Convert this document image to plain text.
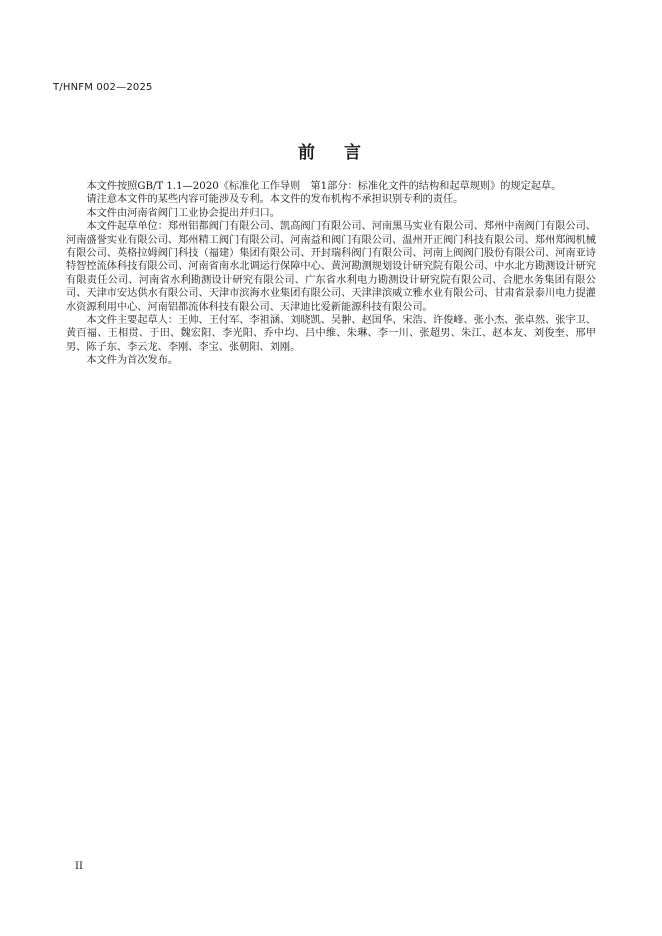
T/HNFM 002—2025
前 言

本文件按照GB/T 1.1—2020《标准化工作导则　第1部分：标准化文件的结构和起草规则》的规定起草。

请注意本文件的某些内容可能涉及专利。本文件的发布机构不承担识别专利的责任。

本文件由河南省阀门工业协会提出并归口。

本文件起草单位：郑州铝都阀门有限公司、凯高阀门有限公司、河南黑马实业有限公司、郑州中南阀门有限公司、河南盛誉实业有限公司、郑州精工阀门有限公司、河南益和阀门有限公司、温州开正阀门科技有限公司、郑州郑阀机械有限公司、英格拉姆阀门科技（福建）集团有限公司、开封瑞科阀门有限公司、河南上阀阀门股份有限公司、河南亚诗特智控流体科技有限公司、河南省南水北调运行保障中心、黄河勘测规划设计研究院有限公司、中水北方勘测设计研究有限责任公司、河南省水利勘测设计研究有限公司、广东省水利电力勘测设计研究院有限公司、合肥水务集团有限公司、天津市安达供水有限公司、天津市滨海水业集团有限公司、天津津滨威立雅水业有限公司、甘肃省景泰川电力提灌水资源利用中心、河南铝都流体科技有限公司、天津迪比爱新能源科技有限公司。

本文件主要起草人：王帅、王付军、李祖涵、刘晓凯、吴翀、赵国华、宋浩、许俊峰、张小杰、张卓然、张宇卫、黄百福、王相贯、于田、魏宏阳、李光阳、乔中均、吕中维、朱琳、李一川、张超男、朱江、赵本友、刘俊奎、邢甲男、陈子东、李云龙、李刚、李宝、张朝阳、刘刚。

本文件为首次发布。

II
